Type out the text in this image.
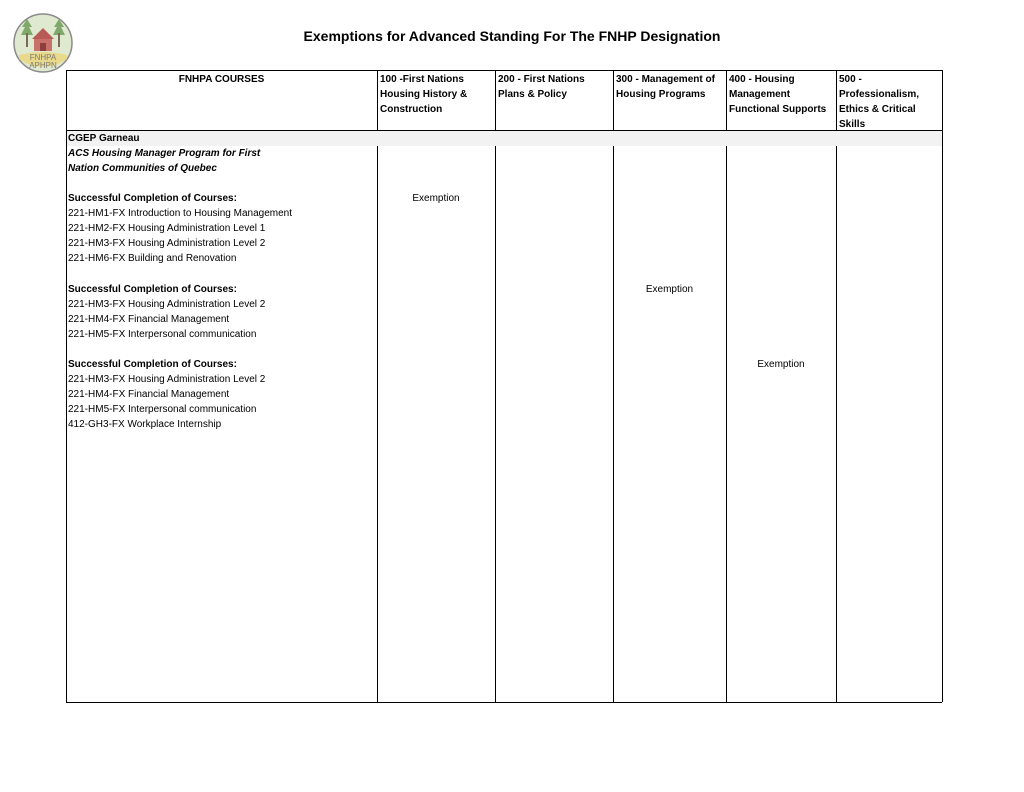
FNHPA
APHPN
Exemptions for Advanced Standing For The FNHP Designation
FNHPA COURSES	100 -First Nations Housing History & Construction
200 - First Nations Plans & Policy
300 - Management of Housing Programs
400 - Housing Management Functional Supports
500 - Professionalism, Ethics & Critical Skills
CGEP Garneau
ACS Housing Manager Program for First
Nation Communities of Quebec
Successful Completion of Courses:
221-HM1-FX Introduction to Housing Management
221-HM2-FX Housing Administration Level 1
221-HM3-FX Housing Administration Level 2
221-HM6-FX Building and Renovation
Successful Completion of Courses:
221-HM3-FX Housing Administration Level 2
221-HM4-FX Financial Management
221-HM5-FX Interpersonal communication
Successful Completion of Courses:
221-HM3-FX Housing Administration Level 2
221-HM4-FX Financial Management
221-HM5-FX Interpersonal communication
412-GH3-FX Workplace Internship
Exemption
Exemption
Exemption
